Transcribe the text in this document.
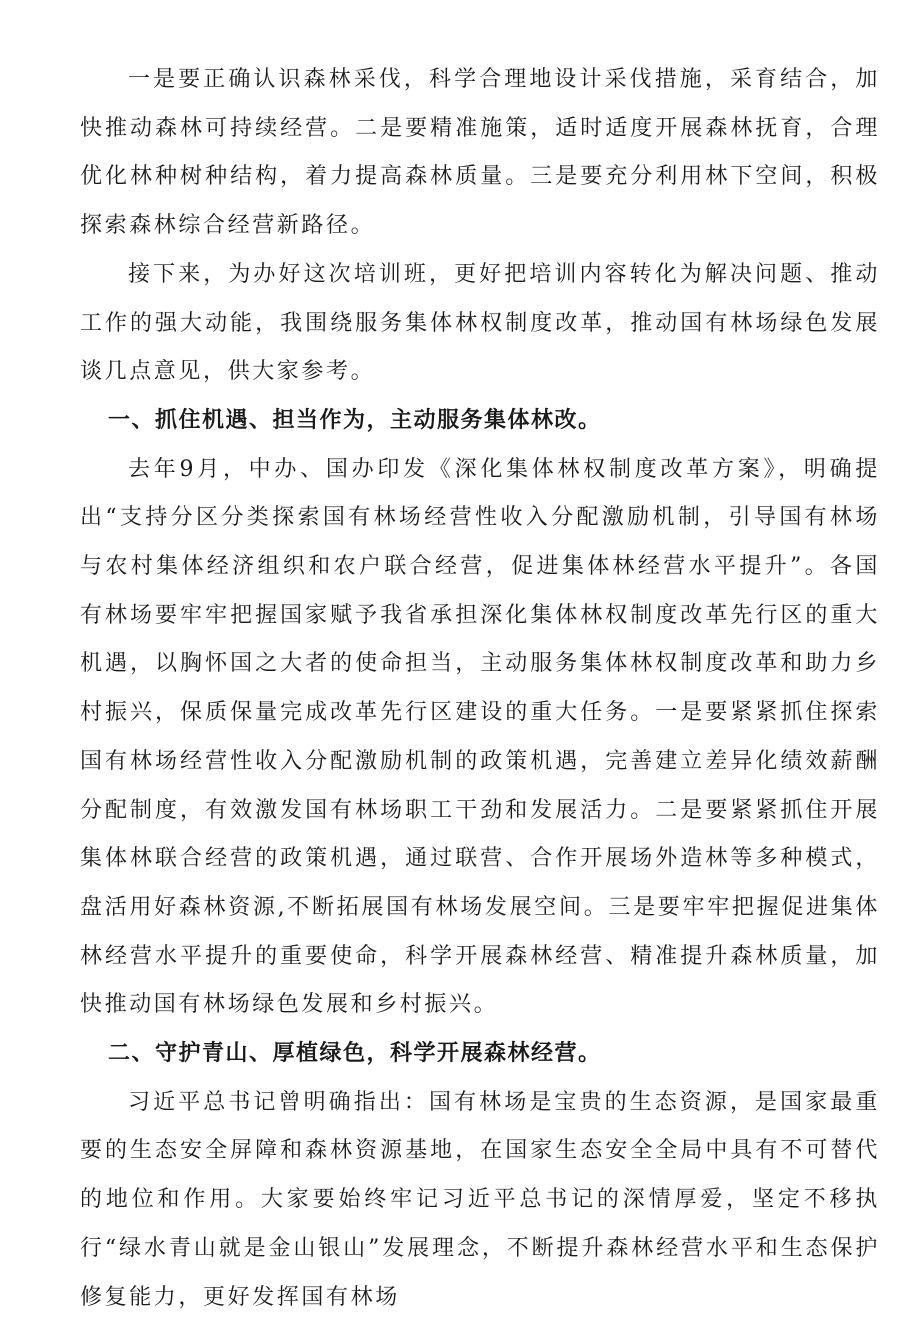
一是要正确认识森林采伐，科学合理地设计采伐措施，采育结合，加快推动森林可持续经营。二是要精准施策，适时适度开展森林抚育，合理优化林种树种结构，着力提高森林质量。三是要充分利用林下空间，积极探索森林综合经营新路径。

接下来，为办好这次培训班，更好把培训内容转化为解决问题、推动工作的强大动能，我围绕服务集体林权制度改革，推动国有林场绿色发展谈几点意见，供大家参考。

一、抓住机遇、担当作为，主动服务集体林改。

去年9月，中办、国办印发《深化集体林权制度改革方案》，明确提出“支持分区分类探索国有林场经营性收入分配激励机制，引导国有林场与农村集体经济组织和农户联合经营，促进集体林经营水平提升”。各国有林场要牢牢把握国家赋予我省承担深化集体林权制度改革先行区的重大机遇，以胸怀国之大者的使命担当，主动服务集体林权制度改革和助力乡村振兴，保质保量完成改革先行区建设的重大任务。一是要紧紧抓住探索国有林场经营性收入分配激励机制的政策机遇，完善建立差异化绩效薪酬分配制度，有效激发国有林场职工干劲和发展活力。二是要紧紧抓住开展集体林联合经营的政策机遇，通过联营、合作开展场外造林等多种模式，盘活用好森林资源,不断拓展国有林场发展空间。三是要牢牢把握促进集体林经营水平提升的重要使命，科学开展森林经营、精准提升森林质量，加快推动国有林场绿色发展和乡村振兴。

二、守护青山、厚植绿色，科学开展森林经营。

习近平总书记曾明确指出：国有林场是宝贵的生态资源，是国家最重要的生态安全屏障和森林资源基地，在国家生态安全全局中具有不可替代的地位和作用。大家要始终牢记习近平总书记的深情厚爱，坚定不移执行“绿水青山就是金山银山”发展理念，不断提升森林经营水平和生态保护修复能力，更好发挥国有林场
